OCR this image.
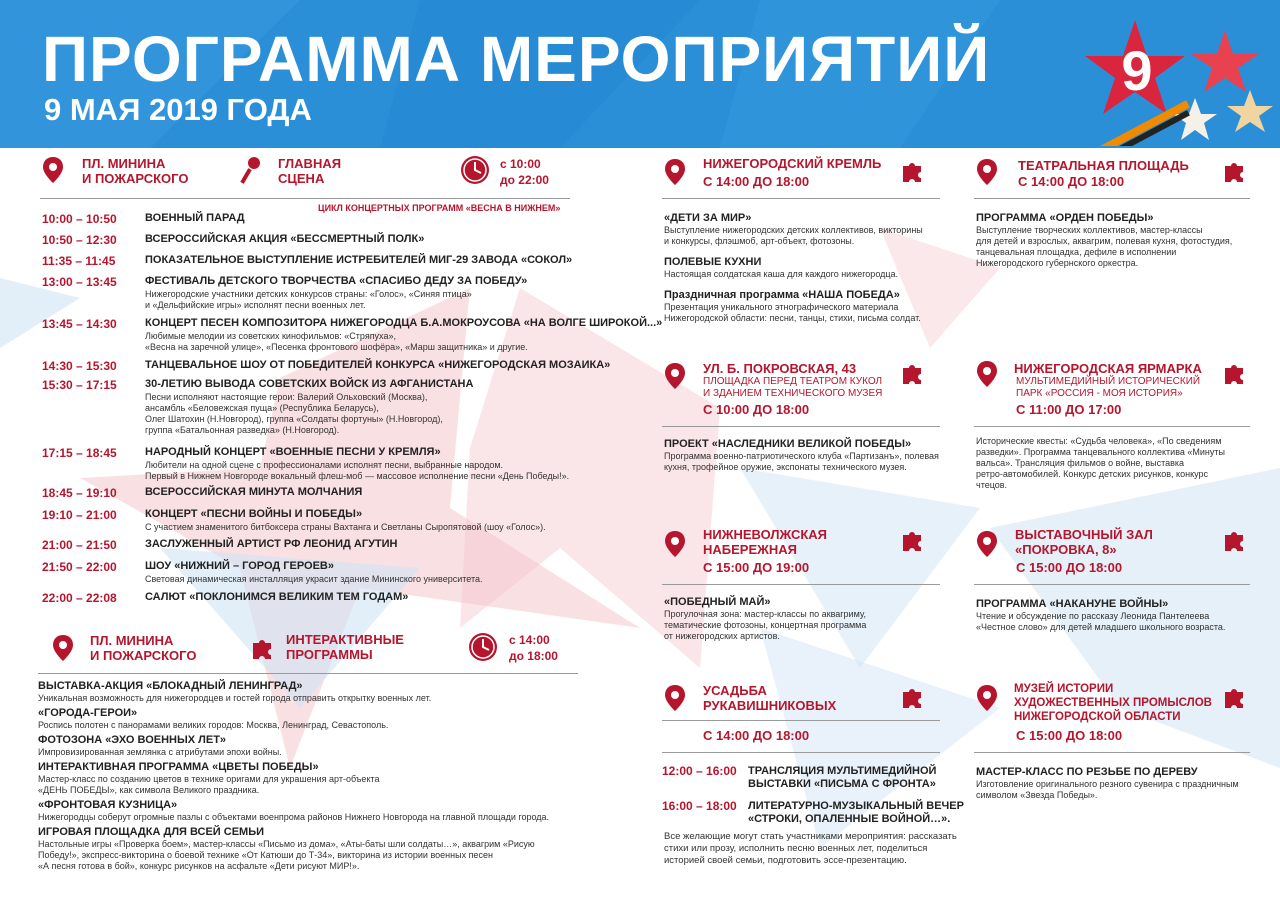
ПРОГРАММА МЕРОПРИЯТИЙ
9 МАЯ 2019 ГОДА
9
ПЛ. МИНИНА
И ПОЖАРСКОГО
ГЛАВНАЯ
СЦЕНА
с 10:00
до 22:00
ЦИКЛ КОНЦЕРТНЫХ ПРОГРАММ «ВЕСНА В НИЖНЕМ»
10:00 – 10:50	ВОЕННЫЙ ПАРАД
10:50 – 12:30	ВСЕРОССИЙСКАЯ АКЦИЯ «БЕССМЕРТНЫЙ ПОЛК»
11:35 – 11:45	ПОКАЗАТЕЛЬНОЕ ВЫСТУПЛЕНИЕ ИСТРЕБИТЕЛЕЙ МИГ-29 ЗАВОДА «СОКОЛ»
13:00 – 13:45	ФЕСТИВАЛЬ ДЕТСКОГО ТВОРЧЕСТВА «СПАСИБО ДЕДУ ЗА ПОБЕДУ»
Нижегородские участники детских конкурсов страны: «Голос», «Синяя птица»
и «Дельфийские игры» исполнят песни военных лет.
13:45 – 14:30	КОНЦЕРТ ПЕСЕН КОМПОЗИТОРА НИЖЕГОРОДЦА Б.А.МОКРОУСОВА «НА ВОЛГЕ ШИРОКОЙ...»
Любимые мелодии из советских кинофильмов: «Стряпуха»,
«Весна на заречной улице», «Песенка фронтового шофёра», «Марш защитника» и другие.
14:30 – 15:30	ТАНЦЕВАЛЬНОЕ ШОУ ОТ ПОБЕДИТЕЛЕЙ КОНКУРСА «НИЖЕГОРОДСКАЯ МОЗАИКА»
15:30 – 17:15	30-ЛЕТИЮ ВЫВОДА СОВЕТСКИХ ВОЙСК ИЗ АФГАНИСТАНА
Песни исполняют настоящие герои: Валерий Ольховский (Москва),
ансамбль «Беловежская пуща» (Республика Беларусь),
Олег Шатохин (Н.Новгород), группа «Солдаты фортуны» (Н.Новгород),
группа «Батальонная разведка» (Н.Новгород).
17:15 – 18:45	НАРОДНЫЙ КОНЦЕРТ «ВОЕННЫЕ ПЕСНИ У КРЕМЛЯ»
Любители на одной сцене с профессионалами исполнят песни, выбранные народом.
Первый в Нижнем Новгороде вокальный флеш-моб — массовое исполнение песни «День Победы!».
18:45 – 19:10	ВСЕРОССИЙСКАЯ МИНУТА МОЛЧАНИЯ
19:10 – 21:00	КОНЦЕРТ «ПЕСНИ ВОЙНЫ И ПОБЕДЫ»
С участием знаменитого битбоксера страны Вахтанга и Светланы Сыропятовой (шоу «Голос»).
21:00 – 21:50	ЗАСЛУЖЕННЫЙ АРТИСТ РФ ЛЕОНИД АГУТИН
21:50 – 22:00	ШОУ «НИЖНИЙ – ГОРОД ГЕРОЕВ»
Световая динамическая инсталляция украсит здание Мининского университета.
22:00 – 22:08	САЛЮТ «ПОКЛОНИМСЯ ВЕЛИКИМ ТЕМ ГОДАМ»
ПЛ. МИНИНА
И ПОЖАРСКОГО
ИНТЕРАКТИВНЫЕ
ПРОГРАММЫ
с 14:00
до 18:00
ВЫСТАВКА-АКЦИЯ «БЛОКАДНЫЙ ЛЕНИНГРАД»
Уникальная возможность для нижегородцев и гостей города отправить открытку военных лет.
«ГОРОДА-ГЕРОИ»
Роспись полотен с панорамами великих городов: Москва, Ленинград, Севастополь.
ФОТОЗОНА «ЭХО ВОЕННЫХ ЛЕТ»
Импровизированная землянка с атрибутами эпохи войны.
ИНТЕРАКТИВНАЯ ПРОГРАММА «ЦВЕТЫ ПОБЕДЫ»
Мастер-класс по созданию цветов в технике оригами для украшения арт-объекта
«ДЕНЬ ПОБЕДЫ», как символа Великого праздника.
«ФРОНТОВАЯ КУЗНИЦА»
Нижегородцы соберут огромные пазлы с объектами военпрома районов Нижнего Новгорода на главной площади города.
ИГРОВАЯ ПЛОЩАДКА ДЛЯ ВСЕЙ СЕМЬИ
Настольные игры «Проверка боем», мастер-классы «Письмо из дома», «Аты-баты шли солдаты…», аквагрим «Рисую
Победу!», экспресс-викторина о боевой технике «От Катюши до Т-34», викторина из истории военных песен
«А песня готова в бой», конкурс рисунков на асфальте «Дети рисуют МИР!».
НИЖЕГОРОДСКИЙ КРЕМЛЬ
С 14:00 ДО 18:00
«ДЕТИ ЗА МИР»
Выступление нижегородских детских коллективов, викторины
и конкурсы, флэшмоб, арт-объект, фотозоны.
ПОЛЕВЫЕ КУХНИ
Настоящая солдатская каша для каждого нижегородца.
Праздничная программа «НАША ПОБЕДА»
Презентация уникального этнографического материала
Нижегородской области: песни, танцы, стихи, письма солдат.
УЛ. Б. ПОКРОВСКАЯ, 43
ПЛОЩАДКА ПЕРЕД ТЕАТРОМ КУКОЛ
И ЗДАНИЕМ ТЕХНИЧЕСКОГО МУЗЕЯ
С 10:00 ДО 18:00
ПРОЕКТ «НАСЛЕДНИКИ ВЕЛИКОЙ ПОБЕДЫ»
Программа военно-патриотического клуба «Партизанъ», полевая
кухня, трофейное оружие, экспонаты технического музея.
НИЖНЕВОЛЖСКАЯ
НАБЕРЕЖНАЯ
С 15:00 ДО 19:00
«ПОБЕДНЫЙ МАЙ»
Прогулочная зона: мастер-классы по аквагриму,
тематические фотозоны, концертная программа
от нижегородских артистов.
УСАДЬБА
РУКАВИШНИКОВЫХ
С 14:00 ДО 18:00
12:00 – 16:00 ТРАНСЛЯЦИЯ МУЛЬТИМЕДИЙНОЙ
ВЫСТАВКИ «ПИСЬМА С ФРОНТА»
16:00 – 18:00 ЛИТЕРАТУРНО-МУЗЫКАЛЬНЫЙ ВЕЧЕР
«СТРОКИ, ОПАЛЕННЫЕ ВОЙНОЙ…».
Все желающие могут стать участниками мероприятия: рассказать
стихи или прозу, исполнить песню военных лет, поделиться
историей своей семьи, подготовить эссе-презентацию.
ТЕАТРАЛЬНАЯ ПЛОЩАДЬ
С 14:00 ДО 18:00
ПРОГРАММА «ОРДЕН ПОБЕДЫ»
Выступление творческих коллективов, мастер-классы
для детей и взрослых, аквагрим, полевая кухня, фотостудия,
танцевальная площадка, дефиле в исполнении
Нижегородского губернского оркестра.
НИЖЕГОРОДСКАЯ ЯРМАРКА
МУЛЬТИМЕДИЙНЫЙ ИСТОРИЧЕСКИЙ
ПАРК «РОССИЯ - МОЯ ИСТОРИЯ»
С 11:00 ДО 17:00
Исторические квесты: «Судьба человека», «По сведениям
разведки». Программа танцевального коллектива «Минуты
вальса». Трансляция фильмов о войне, выставка
ретро-автомобилей. Конкурс детских рисунков, конкурс
чтецов.
ВЫСТАВОЧНЫЙ ЗАЛ
«ПОКРОВКА, 8»
С 15:00 ДО 18:00
ПРОГРАММА «НАКАНУНЕ ВОЙНЫ»
Чтение и обсуждение по рассказу Леонида Пантелеева
«Честное слово» для детей младшего школьного возраста.
МУЗЕЙ ИСТОРИИ
ХУДОЖЕСТВЕННЫХ ПРОМЫСЛОВ
НИЖЕГОРОДСКОЙ ОБЛАСТИ
С 15:00 ДО 18:00
МАСТЕР-КЛАСС ПО РЕЗЬБЕ ПО ДЕРЕВУ
Изготовление оригинального резного сувенира с праздничным
символом «Звезда Победы».
